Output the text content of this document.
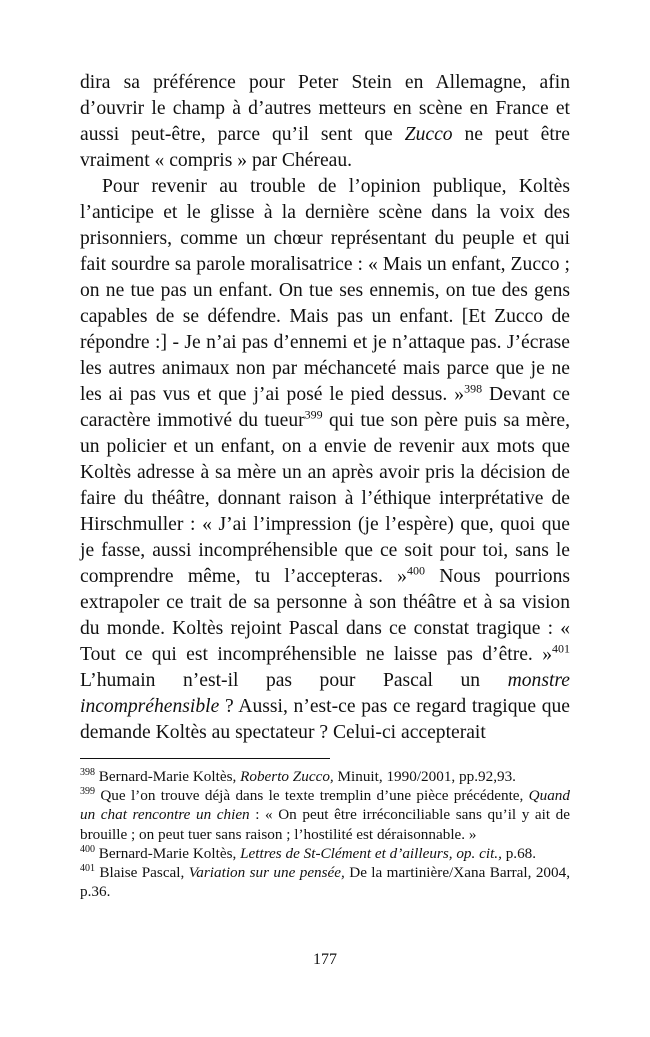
dira sa préférence pour Peter Stein en Allemagne, afin d’ouvrir le champ à d’autres metteurs en scène en France et aussi peut-être, parce qu’il sent que Zucco ne peut être vraiment « compris » par Chéreau.

Pour revenir au trouble de l’opinion publique, Koltès l’anticipe et le glisse à la dernière scène dans la voix des prisonniers, comme un chœur représentant du peuple et qui fait sourdre sa parole moralisatrice : « Mais un enfant, Zucco ; on ne tue pas un enfant. On tue ses ennemis, on tue des gens capables de se défendre. Mais pas un enfant. [Et Zucco de répondre :] - Je n’ai pas d’ennemi et je n’attaque pas. J’écrase les autres animaux non par méchanceté mais parce que je ne les ai pas vus et que j’ai posé le pied dessus. »$^{398}$ Devant ce caractère immotivé du tueur$^{399}$ qui tue son père puis sa mère, un policier et un enfant, on a envie de revenir aux mots que Koltès adresse à sa mère un an après avoir pris la décision de faire du théâtre, donnant raison à l’éthique interprétative de Hirschmuller : « J’ai l’impression (je l’espère) que, quoi que je fasse, aussi incompréhensible que ce soit pour toi, sans le comprendre même, tu l’accepteras. »$^{400}$ Nous pourrions extrapoler ce trait de sa personne à son théâtre et à sa vision du monde. Koltès rejoint Pascal dans ce constat tragique : « Tout ce qui est incompréhensible ne laisse pas d’être. »$^{401}$ L’humain n’est-il pas pour Pascal un monstre incompréhensible ? Aussi, n’est-ce pas ce regard tragique que demande Koltès au spectateur ? Celui-ci accepterait

$^{398}$ Bernard-Marie Koltès, Roberto Zucco, Minuit, 1990/2001, pp.92,93.

$^{399}$ Que l’on trouve déjà dans le texte tremplin d’une pièce précédente, Quand un chat rencontre un chien : « On peut être irréconciliable sans qu’il y ait de brouille ; on peut tuer sans raison ; l’hostilité est déraisonnable. »

$^{400}$ Bernard-Marie Koltès, Lettres de St-Clément et d’ailleurs, op. cit., p.68.

$^{401}$ Blaise Pascal, Variation sur une pensée, De la martinière/Xana Barral, 2004, p.36.

177
